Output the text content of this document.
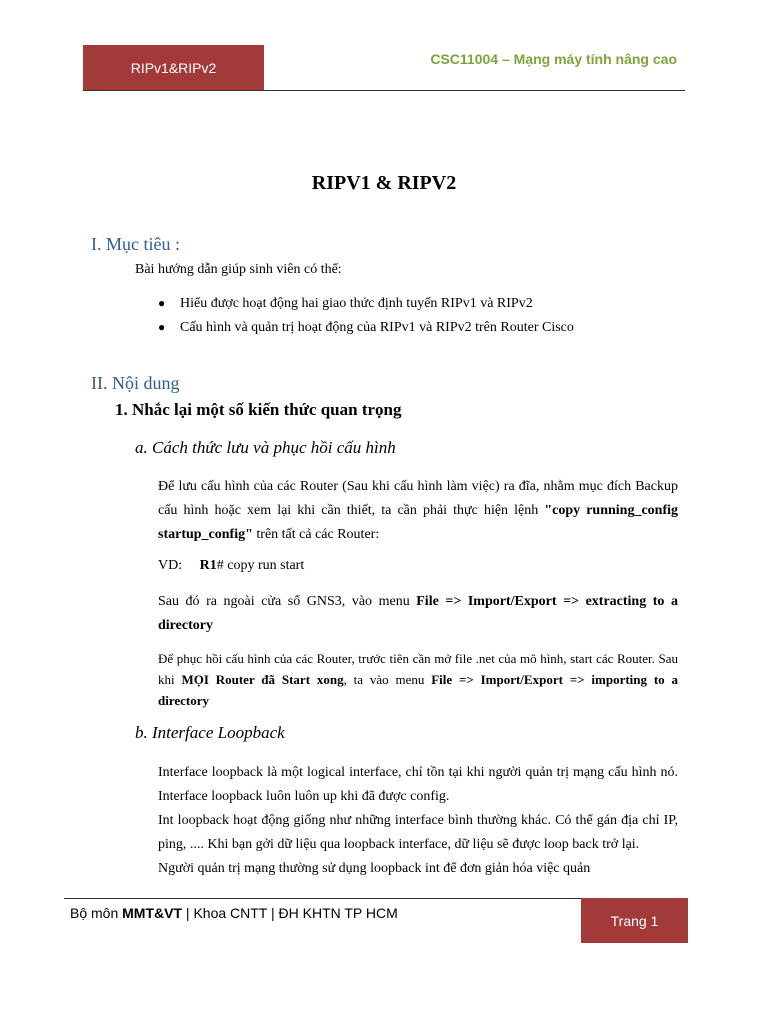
RIPv1&RIPv2
CSC11004 – Mạng máy tính nâng cao
RIPV1 & RIPV2
I. Mục tiêu :
Bài hướng dẫn giúp sinh viên có thể:
● Hiểu được hoạt động hai giao thức định tuyến RIPv1 và RIPv2
● Cấu hình và quản trị hoạt động của RIPv1 và RIPv2 trên Router Cisco
II. Nội dung
1. Nhắc lại một số kiến thức quan trọng
a. Cách thức lưu và phục hồi cấu hình
Để lưu cấu hình của các Router (Sau khi cấu hình làm việc) ra đĩa, nhằm mục đích Backup cấu hình hoặc xem lại khi cần thiết, ta cần phải thực hiện lệnh "copy running_config startup_config" trên tất cả các Router:
VD: R1# copy run start
Sau đó ra ngoài cửa sổ GNS3, vào menu File => Import/Export => extracting to a directory
Để phục hồi cấu hình của các Router, trước tiên cần mở file .net của mô hình, start các Router. Sau khi MỌI Router đã Start xong, ta vào menu File => Import/Export => importing to a directory
b. Interface Loopback
Interface loopback là một logical interface, chỉ tồn tại khi người quản trị mạng cấu hình nó. Interface loopback luôn luôn up khi đã được config.
Int loopback hoạt động giống như những interface bình thường khác. Có thể gán địa chỉ IP, ping, .... Khi bạn gởi dữ liệu qua loopback interface, dữ liệu sẽ được loop back trở lại.
Người quản trị mạng thường sử dụng loopback int để đơn giản hóa việc quản
Bộ môn MMT&VT | Khoa CNTT | ĐH KHTN TP HCM	Trang 1
